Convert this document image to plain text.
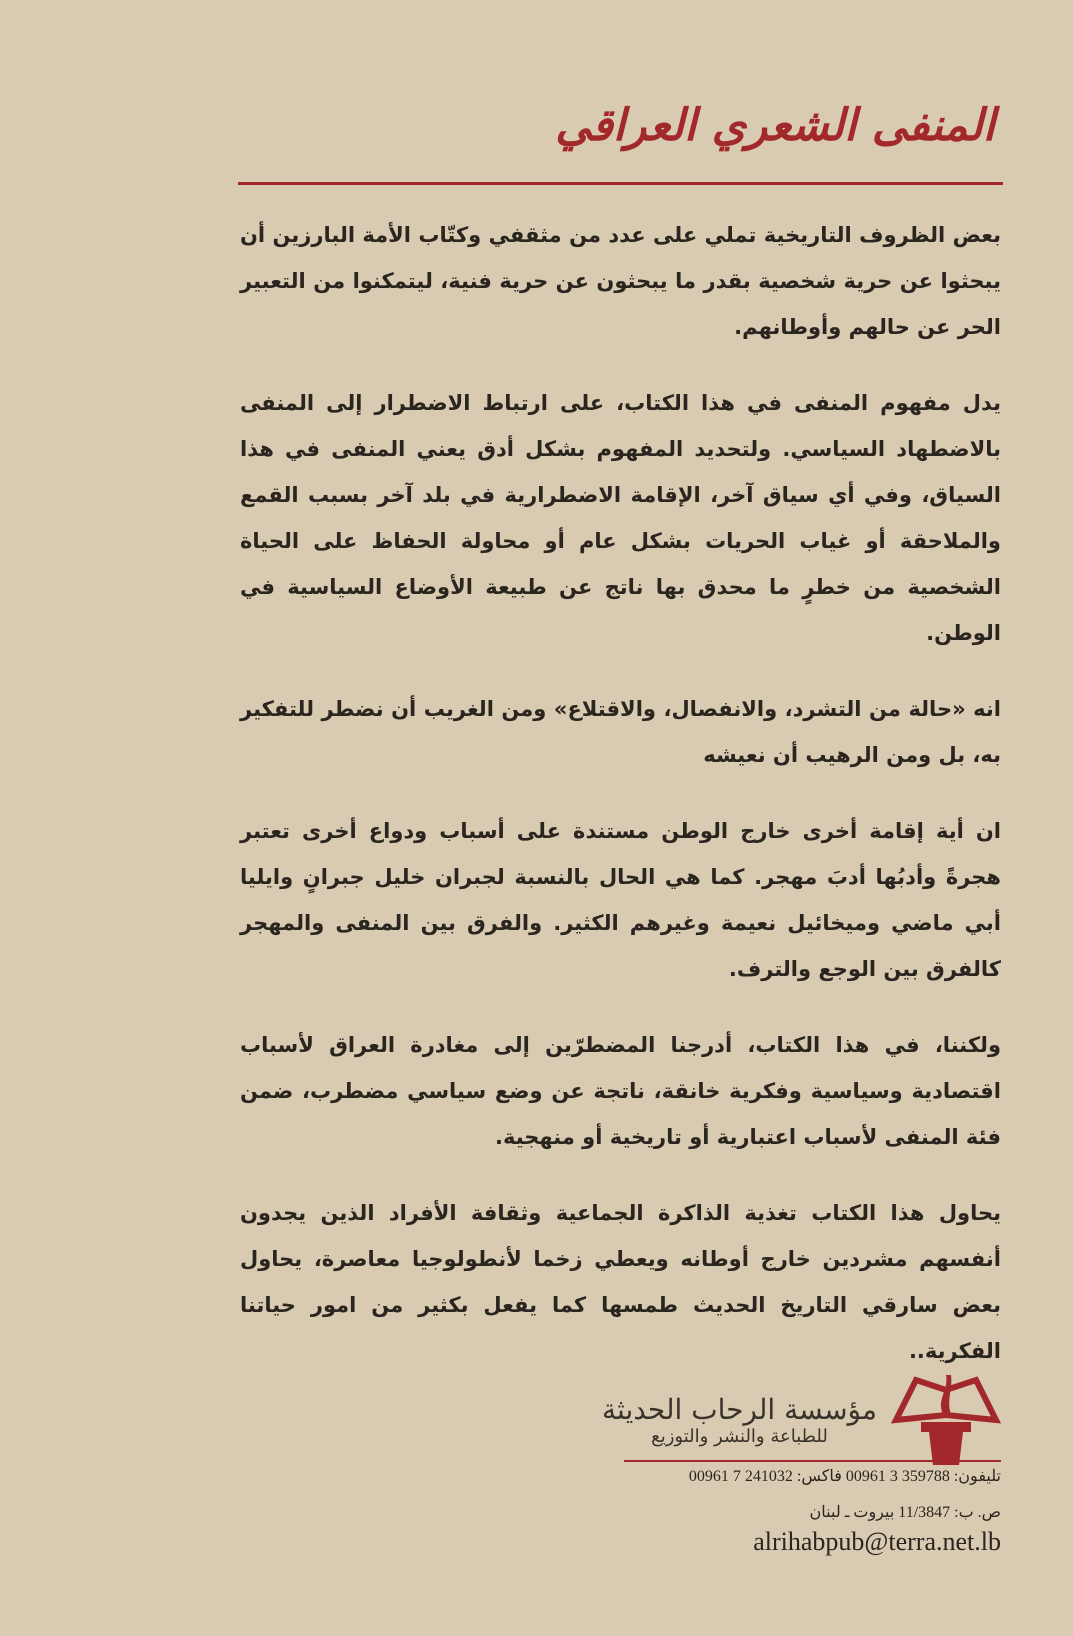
المنفى الشعري العراقي

بعض الظروف التاريخية تملي على عدد من مثقفي وكتّاب الأمة البارزين أن يبحثوا عن حرية شخصية بقدر ما يبحثون عن حرية فنية، ليتمكنوا من التعبير الحر عن حالهم وأوطانهم.

يدل مفهوم المنفى في هذا الكتاب، على ارتباط الاضطرار إلى المنفى بالاضطهاد السياسي. ولتحديد المفهوم بشكل أدق يعني المنفى في هذا السياق، وفي أي سياق آخر، الإقامة الاضطرارية في بلد آخر بسبب القمع والملاحقة أو غياب الحريات بشكل عام أو محاولة الحفاظ على الحياة الشخصية من خطرٍ ما محدق بها ناتج عن طبيعة الأوضاع السياسية في الوطن.

انه «حالة من التشرد، والانفصال، والاقتلاع» ومن الغريب أن نضطر للتفكير به، بل ومن الرهيب أن نعيشه

ان أية إقامة أخرى خارج الوطن مستندة على أسباب ودواع أخرى تعتبر هجرةً وأدبُها أدبَ مهجر. كما هي الحال بالنسبة لجبران خليل جبرانٍ وايليا أبي ماضي وميخائيل نعيمة وغيرهم الكثير. والفرق بين المنفى والمهجر كالفرق بين الوجع والترف.

ولكننا، في هذا الكتاب، أدرجنا المضطرّين إلى مغادرة العراق لأسباب اقتصادية وسياسية وفكرية خانقة، ناتجة عن وضع سياسي مضطرب، ضمن فئة المنفى لأسباب اعتبارية أو تاريخية أو منهجية.

يحاول هذا الكتاب تغذية الذاكرة الجماعية وثقافة الأفراد الذين يجدون أنفسهم مشردين خارج أوطانه ويعطي زخما لأنطولوجيا معاصرة، يحاول بعض سارقي التاريخ الحديث طمسها كما يفعل بكثير من امور حياتنا الفكرية..

مؤسسة الرحاب الحديثة
للطباعة والنشر والتوزيع
تليفون: 359788 3 00961 فاكس: 241032 7 00961
ص. ب: 11/3847 بيروت ـ لبنان
alrihabpub@terra.net.lb
